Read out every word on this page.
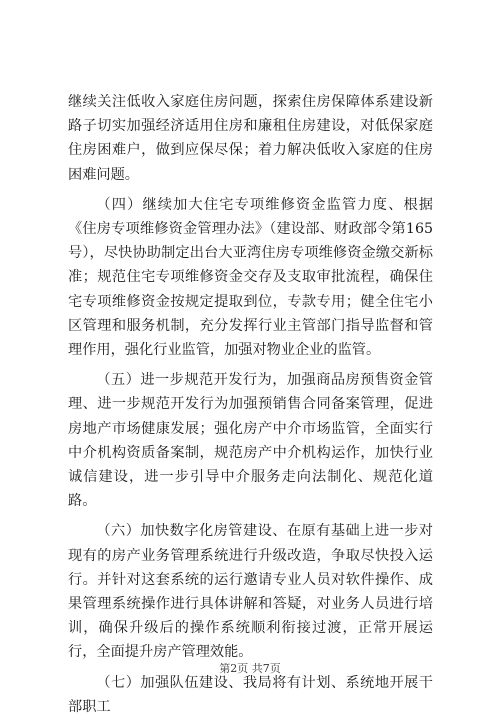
继续关注低收入家庭住房问题，探索住房保障体系建设新路子切实加强经济适用住房和廉租住房建设，对低保家庭住房困难户，做到应保尽保；着力解决低收入家庭的住房困难问题。

（四）继续加大住宅专项维修资金监管力度、根据《住房专项维修资金管理办法》（建设部、财政部令第165号），尽快协助制定出台大亚湾住房专项维修资金缴交新标准；规范住宅专项维修资金交存及支取审批流程，确保住宅专项维修资金按规定提取到位，专款专用；健全住宅小区管理和服务机制，充分发挥行业主管部门指导监督和管理作用，强化行业监管，加强对物业企业的监管。

（五）进一步规范开发行为，加强商品房预售资金管理、进一步规范开发行为加强预销售合同备案管理，促进房地产市场健康发展；强化房产中介市场监管，全面实行中介机构资质备案制，规范房产中介机构运作，加快行业诚信建设，进一步引导中介服务走向法制化、规范化道路。

（六）加快数字化房管建设、在原有基础上进一步对现有的房产业务管理系统进行升级改造，争取尽快投入运行。并针对这套系统的运行邀请专业人员对软件操作、成果管理系统操作进行具体讲解和答疑，对业务人员进行培训，确保升级后的操作系统顺利衔接过渡，正常开展运行，全面提升房产管理效能。

（七）加强队伍建设、我局将有计划、系统地开展干部职工

第2页 共7页
